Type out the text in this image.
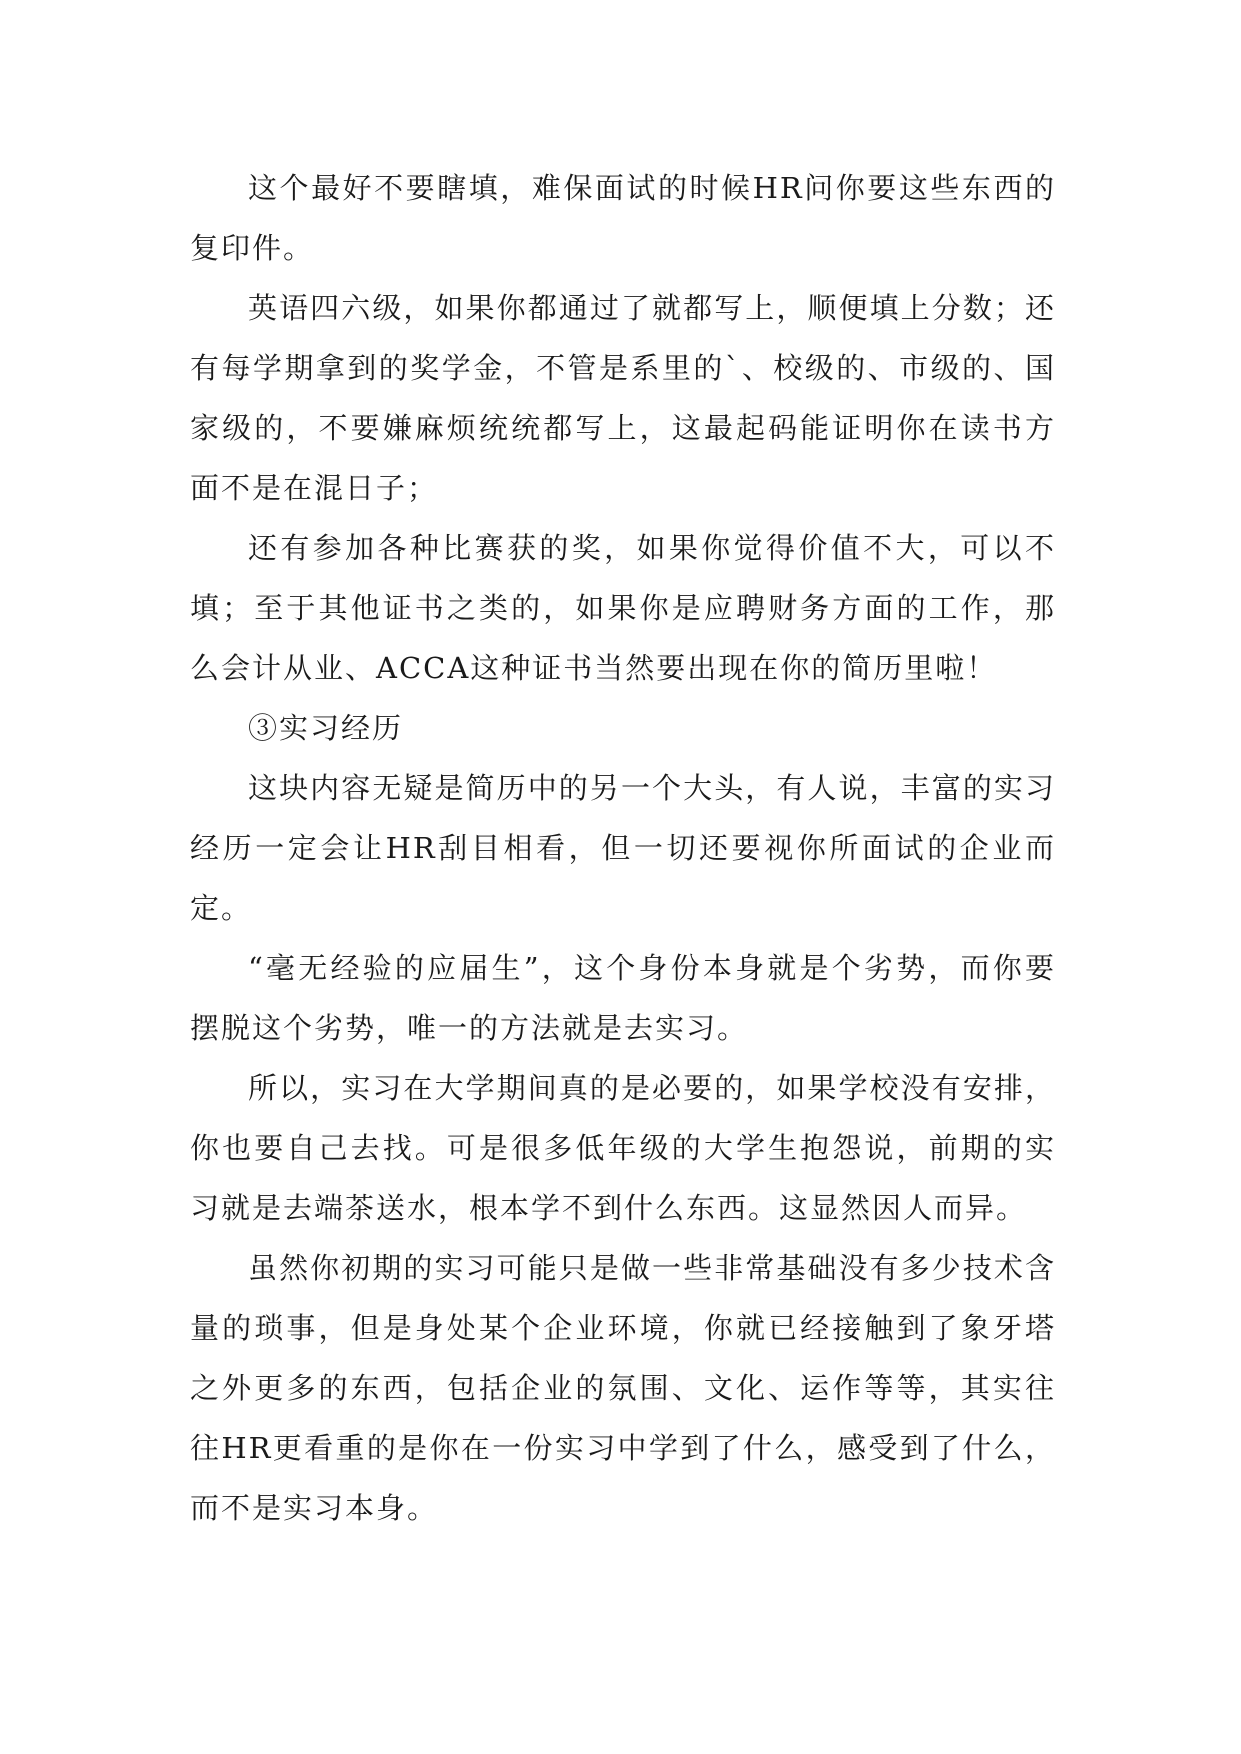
这个最好不要瞎填，难保面试的时候HR问你要这些东西的复印件。

英语四六级，如果你都通过了就都写上，顺便填上分数；还有每学期拿到的奖学金，不管是系里的`、校级的、市级的、国家级的，不要嫌麻烦统统都写上，这最起码能证明你在读书方面不是在混日子；

还有参加各种比赛获的奖，如果你觉得价值不大，可以不填；至于其他证书之类的，如果你是应聘财务方面的工作，那么会计从业、ACCA这种证书当然要出现在你的简历里啦！

③实习经历

这块内容无疑是简历中的另一个大头，有人说，丰富的实习经历一定会让HR刮目相看，但一切还要视你所面试的企业而定。

“毫无经验的应届生”，这个身份本身就是个劣势，而你要摆脱这个劣势，唯一的方法就是去实习。

所以，实习在大学期间真的是必要的，如果学校没有安排，你也要自己去找。可是很多低年级的大学生抱怨说，前期的实习就是去端茶送水，根本学不到什么东西。这显然因人而异。

虽然你初期的实习可能只是做一些非常基础没有多少技术含量的琐事，但是身处某个企业环境，你就已经接触到了象牙塔之外更多的东西，包括企业的氛围、文化、运作等等，其实往往HR更看重的是你在一份实习中学到了什么，感受到了什么，而不是实习本身。
